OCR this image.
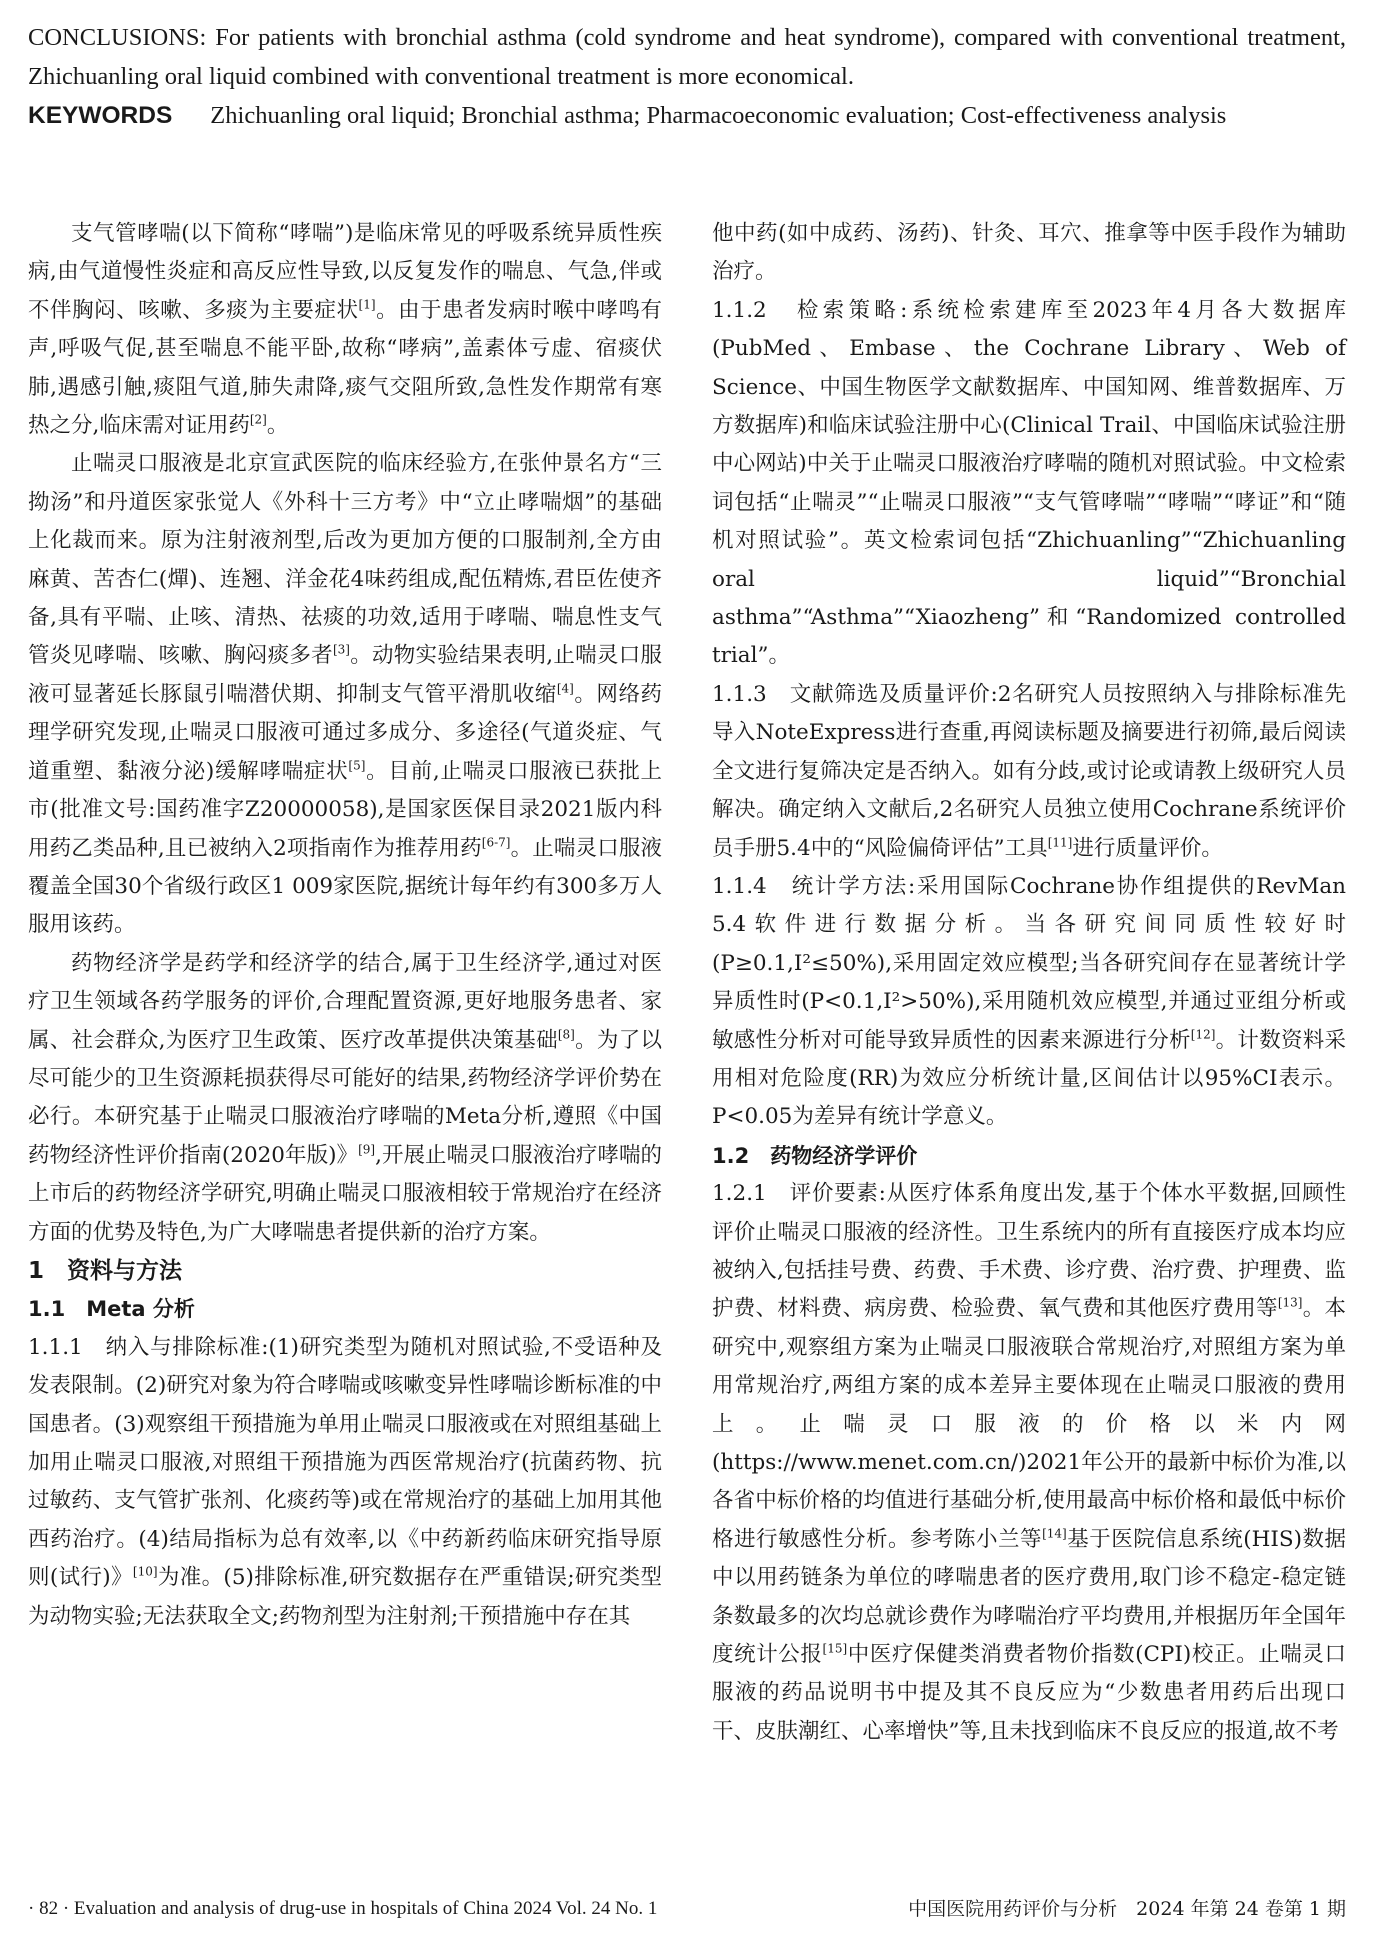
CONCLUSIONS: For patients with bronchial asthma (cold syndrome and heat syndrome), compared with conventional treatment, Zhichuanling oral liquid combined with conventional treatment is more economical.

KEYWORDS Zhichuanling oral liquid; Bronchial asthma; Pharmacoeconomic evaluation; Cost-effectiveness analysis

支气管哮喘(以下简称“哮喘”)是临床常见的呼吸系统异质性疾病,由气道慢性炎症和高反应性导致,以反复发作的喘息、气急,伴或不伴胸闷、咳嗽、多痰为主要症状[1]。由于患者发病时喉中哮鸣有声,呼吸气促,甚至喘息不能平卧,故称“哮病”,盖素体亏虚、宿痰伏肺,遇感引触,痰阻气道,肺失肃降,痰气交阻所致,急性发作期常有寒热之分,临床需对证用药[2]。

止喘灵口服液是北京宣武医院的临床经验方,在张仲景名方“三拗汤”和丹道医家张觉人《外科十三方考》中“立止哮喘烟”的基础上化裁而来。原为注射液剂型,后改为更加方便的口服制剂,全方由麻黄、苦杏仁(燀)、连翘、洋金花4味药组成,配伍精炼,君臣佐使齐备,具有平喘、止咳、清热、祛痰的功效,适用于哮喘、喘息性支气管炎见哮喘、咳嗽、胸闷痰多者[3]。动物实验结果表明,止喘灵口服液可显著延长豚鼠引喘潜伏期、抑制支气管平滑肌收缩[4]。网络药理学研究发现,止喘灵口服液可通过多成分、多途径(气道炎症、气道重塑、黏液分泌)缓解哮喘症状[5]。目前,止喘灵口服液已获批上市(批准文号:国药准字Z20000058),是国家医保目录2021版内科用药乙类品种,且已被纳入2项指南作为推荐用药[6-7]。止喘灵口服液覆盖全国30个省级行政区1 009家医院,据统计每年约有300多万人服用该药。

药物经济学是药学和经济学的结合,属于卫生经济学,通过对医疗卫生领域各药学服务的评价,合理配置资源,更好地服务患者、家属、社会群众,为医疗卫生政策、医疗改革提供决策基础[8]。为了以尽可能少的卫生资源耗损获得尽可能好的结果,药物经济学评价势在必行。本研究基于止喘灵口服液治疗哮喘的Meta分析,遵照《中国药物经济性评价指南(2020年版)》[9],开展止喘灵口服液治疗哮喘的上市后的药物经济学研究,明确止喘灵口服液相较于常规治疗在经济方面的优势及特色,为广大哮喘患者提供新的治疗方案。

1　资料与方法

1.1　Meta 分析

1.1.1　纳入与排除标准:(1)研究类型为随机对照试验,不受语种及发表限制。(2)研究对象为符合哮喘或咳嗽变异性哮喘诊断标准的中国患者。(3)观察组干预措施为单用止喘灵口服液或在对照组基础上加用止喘灵口服液,对照组干预措施为西医常规治疗(抗菌药物、抗过敏药、支气管扩张剂、化痰药等)或在常规治疗的基础上加用其他西药治疗。(4)结局指标为总有效率,以《中药新药临床研究指导原则(试行)》[10]为准。(5)排除标准,研究数据存在严重错误;研究类型为动物实验;无法获取全文;药物剂型为注射剂;干预措施中存在其

他中药(如中成药、汤药)、针灸、耳穴、推拿等中医手段作为辅助治疗。

1.1.2　检索策略:系统检索建库至2023年4月各大数据库(PubMed、Embase、the Cochrane Library、Web of Science、中国生物医学文献数据库、中国知网、维普数据库、万方数据库)和临床试验注册中心(Clinical Trail、中国临床试验注册中心网站)中关于止喘灵口服液治疗哮喘的随机对照试验。中文检索词包括“止喘灵”“止喘灵口服液”“支气管哮喘”“哮喘”“哮证”和“随机对照试验”。英文检索词包括“Zhichuanling”“Zhichuanling oral liquid”“Bronchial asthma”“Asthma”“Xiaozheng”和“Randomized controlled trial”。

1.1.3　文献筛选及质量评价:2名研究人员按照纳入与排除标准先导入NoteExpress进行查重,再阅读标题及摘要进行初筛,最后阅读全文进行复筛决定是否纳入。如有分歧,或讨论或请教上级研究人员解决。确定纳入文献后,2名研究人员独立使用Cochrane系统评价员手册5.4中的“风险偏倚评估”工具[11]进行质量评价。

1.1.4　统计学方法:采用国际Cochrane协作组提供的RevMan 5.4软件进行数据分析。当各研究间同质性较好时(P≥0.1,I²≤50%),采用固定效应模型;当各研究间存在显著统计学异质性时(P<0.1,I²>50%),采用随机效应模型,并通过亚组分析或敏感性分析对可能导致异质性的因素来源进行分析[12]。计数资料采用相对危险度(RR)为效应分析统计量,区间估计以95%CI表示。P<0.05为差异有统计学意义。

1.2　药物经济学评价

1.2.1　评价要素:从医疗体系角度出发,基于个体水平数据,回顾性评价止喘灵口服液的经济性。卫生系统内的所有直接医疗成本均应被纳入,包括挂号费、药费、手术费、诊疗费、治疗费、护理费、监护费、材料费、病房费、检验费、氧气费和其他医疗费用等[13]。本研究中,观察组方案为止喘灵口服液联合常规治疗,对照组方案为单用常规治疗,两组方案的成本差异主要体现在止喘灵口服液的费用上。止喘灵口服液的价格以米内网(https://www.menet.com.cn/)2021年公开的最新中标价为准,以各省中标价格的均值进行基础分析,使用最高中标价格和最低中标价格进行敏感性分析。参考陈小兰等[14]基于医院信息系统(HIS)数据中以用药链条为单位的哮喘患者的医疗费用,取门诊不稳定-稳定链条数最多的次均总就诊费作为哮喘治疗平均费用,并根据历年全国年度统计公报[15]中医疗保健类消费者物价指数(CPI)校正。止喘灵口服液的药品说明书中提及其不良反应为“少数患者用药后出现口干、皮肤潮红、心率增快”等,且未找到临床不良反应的报道,故不考

· 82 · Evaluation and analysis of drug-use in hospitals of China 2024 Vol. 24 No. 1	中国医院用药评价与分析　2024 年第 24 卷第 1 期
